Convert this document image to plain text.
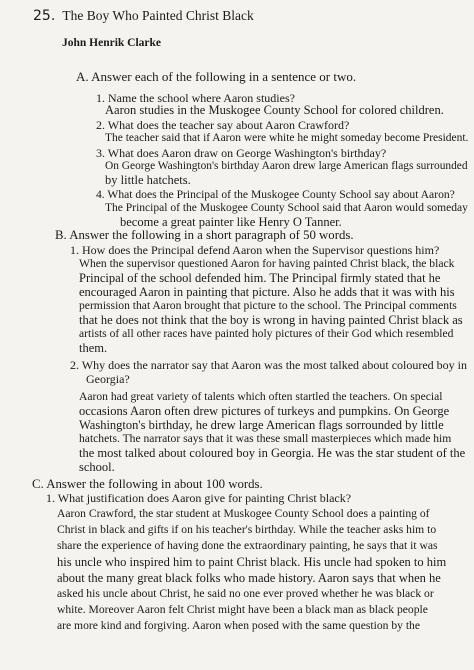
25. The Boy Who Painted Christ Black
John Henrik Clarke
A. Answer each of the following in a sentence or two.
1. Name the school where Aaron studies?
Aaron studies in the Muskogee County School for colored children.
2. What does the teacher say about Aaron Crawford?
The teacher said that if Aaron were white he might someday become President.
3. What does Aaron draw on George Washington's birthday?
On George Washington's birthday Aaron drew large American flags surrounded
by little hatchets.
4. What does the Principal of the Muskogee County School say about Aaron?
The Principal of the Muskogee County School said that Aaron would someday
become a great painter like Henry O Tanner.
B. Answer the following in a short paragraph of 50 words.
1. How does the Principal defend Aaron when the Supervisor questions him?
When the supervisor questioned Aaron for having painted Christ black, the black
Principal of the school defended him. The Principal firmly stated that he
encouraged Aaron in painting that picture. Also he adds that it was with his
permission that Aaron brought that picture to the school. The Principal comments
that he does not think that the boy is wrong in having painted Christ black as
artists of all other races have painted holy pictures of their God which resembled
them.
2. Why does the narrator say that Aaron was the most talked about coloured boy in
Georgia?
Aaron had great variety of talents which often startled the teachers. On special
occasions Aaron often drew pictures of turkeys and pumpkins. On George
Washington's birthday, he drew large American flags sorrounded by little
hatchets. The narrator says that it was these small masterpieces which made him
the most talked about coloured boy in Georgia. He was the star student of the
school.
C. Answer the following in about 100 words.
1. What justification does Aaron give for painting Christ black?
Aaron Crawford, the star student at Muskogee County School does a painting of
Christ in black and gifts if on his teacher's birthday. While the teacher asks him to
share the experience of having done the extraordinary painting, he says that it was
his uncle who inspired him to paint Christ black. His uncle had spoken to him
about the many great black folks who made history. Aaron says that when he
asked his uncle about Christ, he said no one ever proved whether he was black or
white. Moreover Aaron felt Christ might have been a black man as black people
are more kind and forgiving. Aaron when posed with the same question by the
